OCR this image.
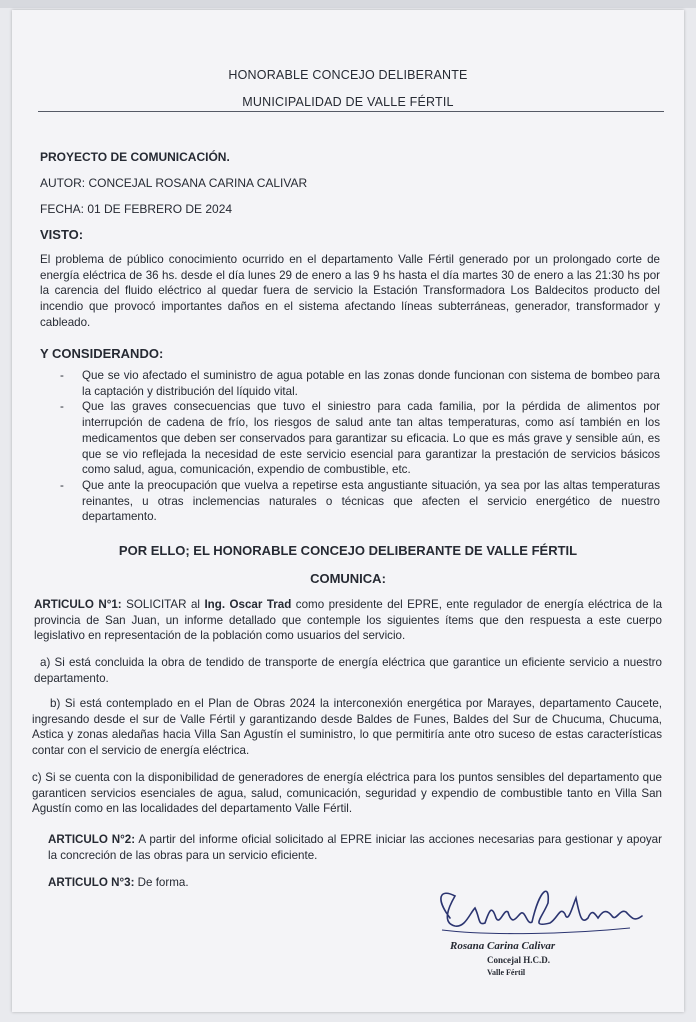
HONORABLE CONCEJO DELIBERANTE
MUNICIPALIDAD DE VALLE FÉRTIL
PROYECTO DE COMUNICACIÓN.
AUTOR: CONCEJAL ROSANA CARINA CALIVAR
FECHA: 01 DE FEBRERO DE 2024
VISTO:
El problema de público conocimiento ocurrido en el departamento Valle Fértil generado por un prolongado corte de energía eléctrica de 36 hs. desde el día lunes 29 de enero a las 9 hs hasta el día martes 30 de enero a las 21:30 hs por la carencia del fluido eléctrico al quedar fuera de servicio la Estación Transformadora Los Baldecitos producto del incendio que provocó importantes daños en el sistema afectando líneas subterráneas, generador, transformador y cableado.
Y CONSIDERANDO:
- Que se vio afectado el suministro de agua potable en las zonas donde funcionan con sistema de bombeo para la captación y distribución del líquido vital.
- Que las graves consecuencias que tuvo el siniestro para cada familia, por la pérdida de alimentos por interrupción de cadena de frío, los riesgos de salud ante tan altas temperaturas, como así también en los medicamentos que deben ser conservados para garantizar su eficacia. Lo que es más grave y sensible aún, es que se vio reflejada la necesidad de este servicio esencial para garantizar la prestación de servicios básicos como salud, agua, comunicación, expendio de combustible, etc.
- Que ante la preocupación que vuelva a repetirse esta angustiante situación, ya sea por las altas temperaturas reinantes, u otras inclemencias naturales o técnicas que afecten el servicio energético de nuestro departamento.
POR ELLO; EL HONORABLE CONCEJO DELIBERANTE DE VALLE FÉRTIL
COMUNICA:
ARTICULO N°1: SOLICITAR al Ing. Oscar Trad como presidente del EPRE, ente regulador de energía eléctrica de la provincia de San Juan, un informe detallado que contemple los siguientes ítems que den respuesta a este cuerpo legislativo en representación de la población como usuarios del servicio.
a) Si está concluida la obra de tendido de transporte de energía eléctrica que garantice un eficiente servicio a nuestro departamento.
b) Si está contemplado en el Plan de Obras 2024 la interconexión energética por Marayes, departamento Caucete, ingresando desde el sur de Valle Fértil y garantizando desde Baldes de Funes, Baldes del Sur de Chucuma, Chucuma, Astica y zonas aledañas hacia Villa San Agustín el suministro, lo que permitiría ante otro suceso de estas características contar con el servicio de energía eléctrica.
c) Si se cuenta con la disponibilidad de generadores de energía eléctrica para los puntos sensibles del departamento que garanticen servicios esenciales de agua, salud, comunicación, seguridad y expendio de combustible tanto en Villa San Agustín como en las localidades del departamento Valle Fértil.
ARTICULO N°2: A partir del informe oficial solicitado al EPRE iniciar las acciones necesarias para gestionar y apoyar la concreción de las obras para un servicio eficiente.
ARTICULO N°3: De forma.
Rosana Carina Calivar
Concejal H.C.D.
Valle Fértil
